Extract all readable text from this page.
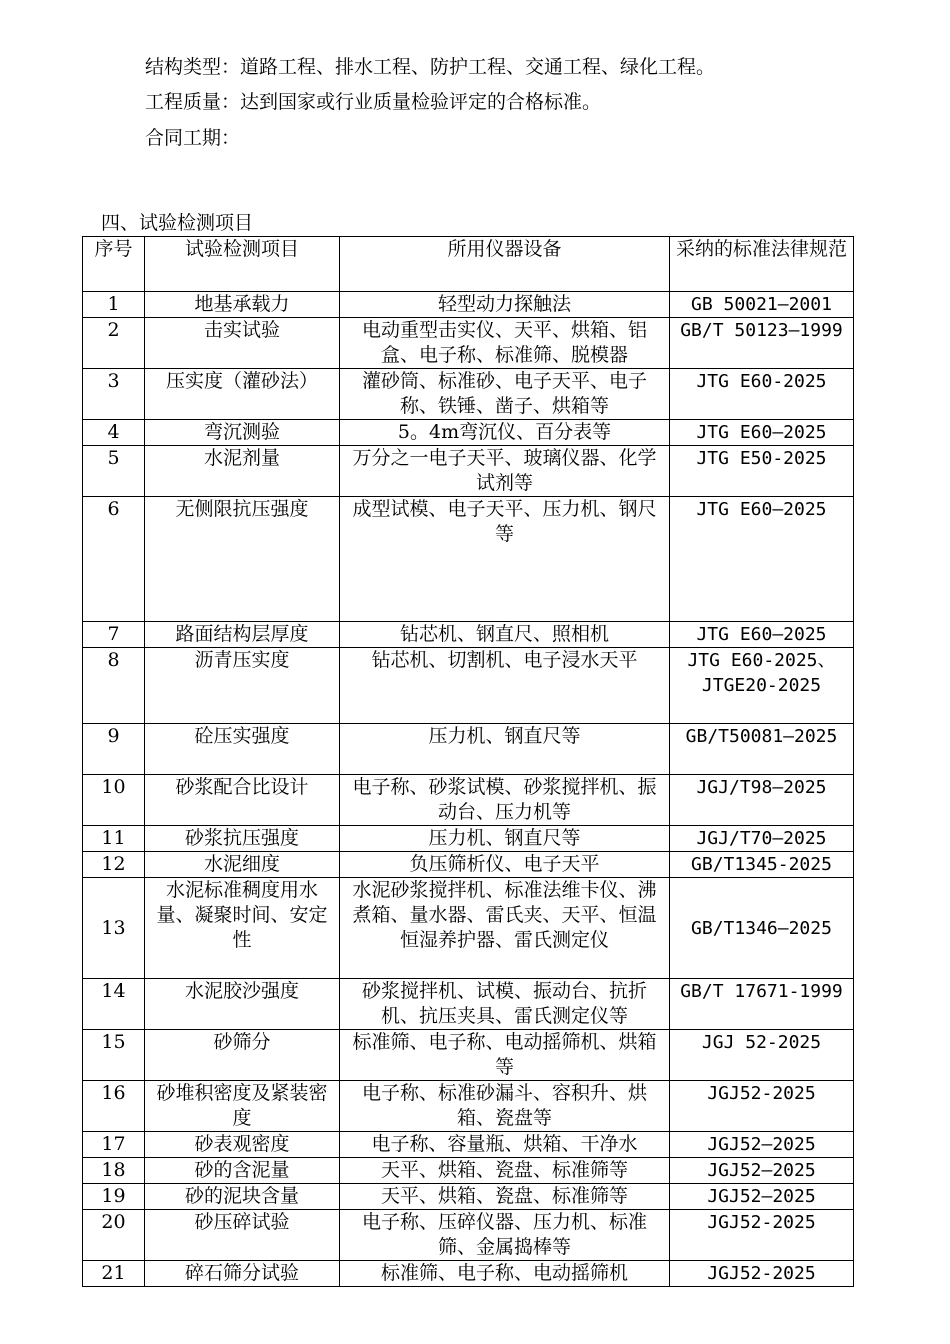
结构类型：道路工程、排水工程、防护工程、交通工程、绿化工程。
工程质量：达到国家或行业质量检验评定的合格标准。
合同工期：
四、试验检测项目
序号	试验检测项目	所用仪器设备	采纳的标准法律规范
1	地基承载力	轻型动力探触法	GB 50021—2001
2	击实试验	电动重型击实仪、天平、烘箱、铝盒、电子称、标准筛、脱模器	GB/T 50123—1999
3	压实度（灌砂法）	灌砂筒、标准砂、电子天平、电子称、铁锤、凿子、烘箱等	JTG E60-2025
4	弯沉测验	5。4m弯沉仪、百分表等	JTG E60—2025
5	水泥剂量	万分之一电子天平、玻璃仪器、化学试剂等	JTG E50-2025
6	无侧限抗压强度	成型试模、电子天平、压力机、钢尺等	JTG E60—2025
7	路面结构层厚度	钻芯机、钢直尺、照相机	JTG E60—2025
8	沥青压实度	钻芯机、切割机、电子浸水天平	JTG E60-2025、JTGE20-2025
9	砼压实强度	压力机、钢直尺等	GB/T50081—2025
10	砂浆配合比设计	电子称、砂浆试模、砂浆搅拌机、振动台、压力机等	JGJ/T98—2025
11	砂浆抗压强度	压力机、钢直尺等	JGJ/T70—2025
12	水泥细度	负压筛析仪、电子天平	GB/T1345-2025
13	水泥标准稠度用水量、凝聚时间、安定性	水泥砂浆搅拌机、标准法维卡仪、沸煮箱、量水器、雷氏夹、天平、恒温恒湿养护器、雷氏测定仪	GB/T1346—2025
14	水泥胶沙强度	砂浆搅拌机、试模、振动台、抗折机、抗压夹具、雷氏测定仪等	GB/T 17671-1999
15	砂筛分	标准筛、电子称、电动摇筛机、烘箱等	JGJ 52-2025
16	砂堆积密度及紧装密度	电子称、标准砂漏斗、容积升、烘箱、瓷盘等	JGJ52-2025
17	砂表观密度	电子称、容量瓶、烘箱、干净水	JGJ52—2025
18	砂的含泥量	天平、烘箱、瓷盘、标准筛等	JGJ52—2025
19	砂的泥块含量	天平、烘箱、瓷盘、标准筛等	JGJ52—2025
20	砂压碎试验	电子称、压碎仪器、压力机、标准筛、金属捣棒等	JGJ52-2025
21	碎石筛分试验	标准筛、电子称、电动摇筛机	JGJ52-2025
